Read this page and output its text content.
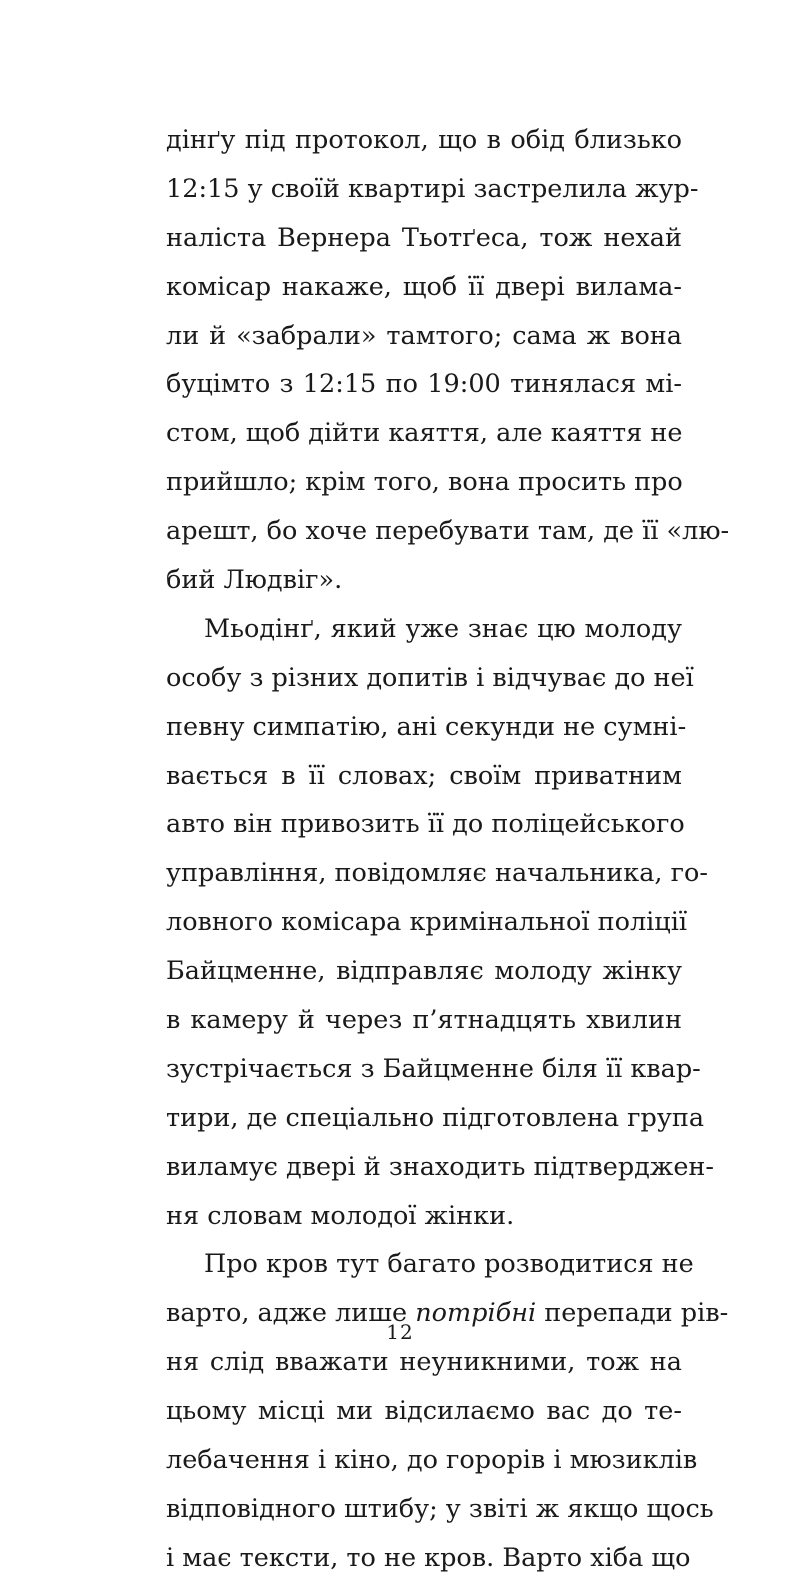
дінґу під протокол, що в обід близько
12:15 у своїй квартирі застрелила жур-
наліста Вернера Тьотґеса, тож нехай
комісар накаже, щоб її двері вилама-
ли й «забрали» тамтого; сама ж вона
буцімто з 12:15 по 19:00 тинялася мі-
стом, щоб дійти каяття, але каяття не
прийшло; крім того, вона просить про
арешт, бо хоче перебувати там, де її «лю-
бий Людвіг».
Мьодінґ, який уже знає цю молоду
особу з різних допитів і відчуває до неї
певну симпатію, ані секунди не сумні-
вається в її словах; своїм приватним
авто він привозить її до поліцейського
управління, повідомляє начальника, го-
ловного комісара кримінальної поліції
Байцменне, відправляє молоду жінку
в камеру й через п’ятнадцять хвилин
зустрічається з Байцменне біля її квар-
тири, де спеціально підготовлена група
виламує двері й знаходить підтверджен-
ня словам молодої жінки.
Про кров тут багато розводитися не
варто, адже лише потрібні перепади рів-
ня слід вважати неуникними, тож на
цьому місці ми відсилаємо вас до те-
лебачення і кіно, до горорів і мюзиклів
відповідного штибу; у звіті ж якщо щось
і має тексти, то не кров. Варто хіба що
12
